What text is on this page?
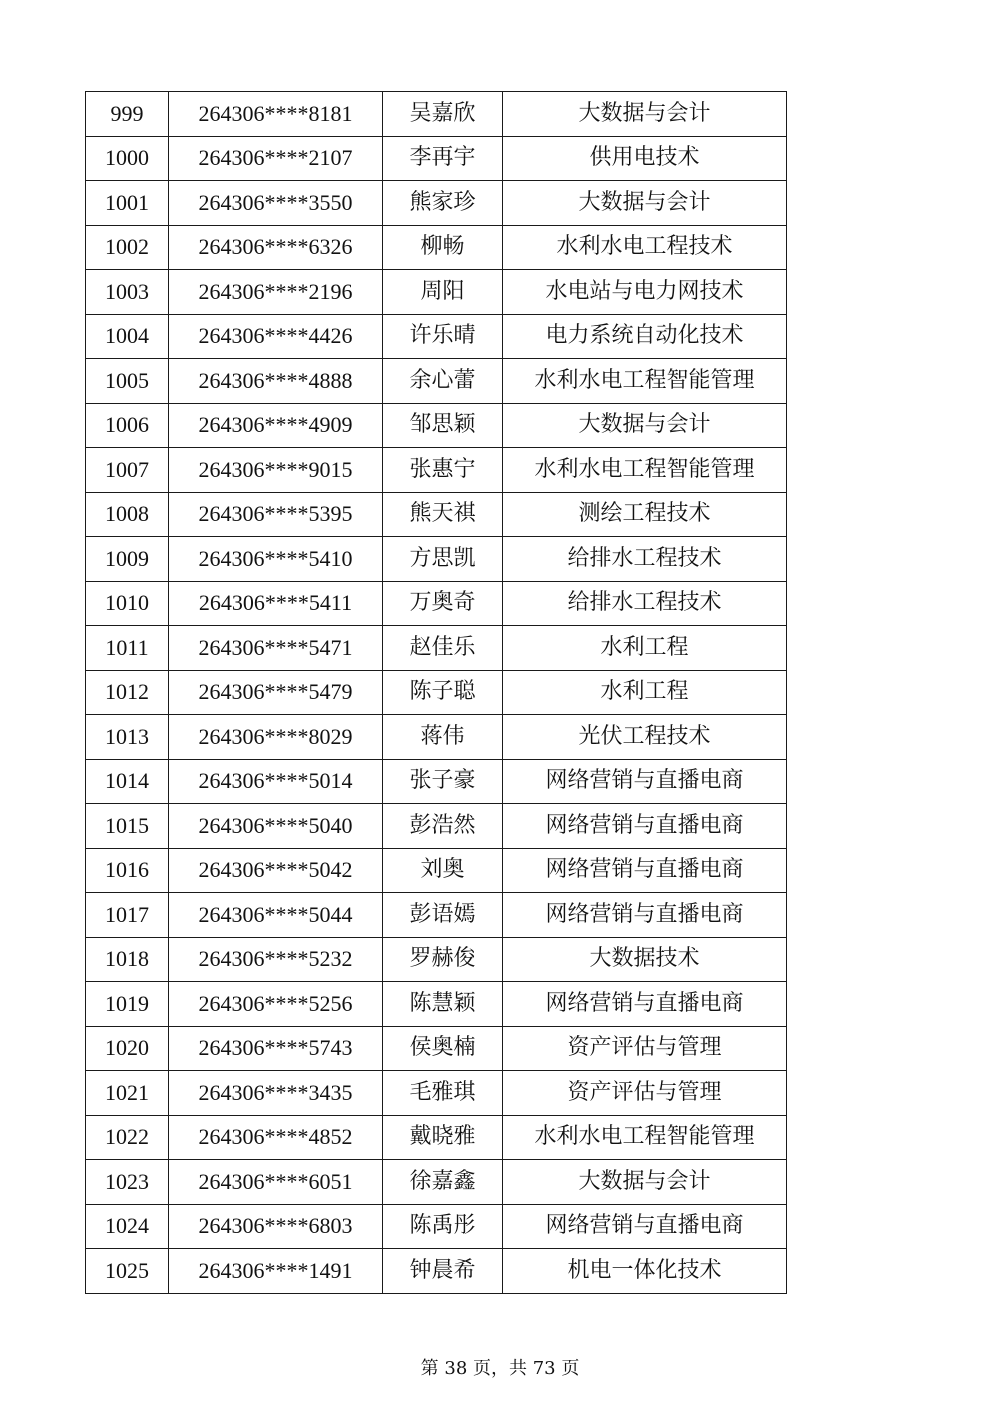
999	264306****8181	吴嘉欣	大数据与会计
1000	264306****2107	李再宇	供用电技术
1001	264306****3550	熊家珍	大数据与会计
1002	264306****6326	柳畅	水利水电工程技术
1003	264306****2196	周阳	水电站与电力网技术
1004	264306****4426	许乐晴	电力系统自动化技术
1005	264306****4888	余心蕾	水利水电工程智能管理
1006	264306****4909	邹思颖	大数据与会计
1007	264306****9015	张惠宁	水利水电工程智能管理
1008	264306****5395	熊天祺	测绘工程技术
1009	264306****5410	方思凯	给排水工程技术
1010	264306****5411	万奥奇	给排水工程技术
1011	264306****5471	赵佳乐	水利工程
1012	264306****5479	陈子聪	水利工程
1013	264306****8029	蒋伟	光伏工程技术
1014	264306****5014	张子豪	网络营销与直播电商
1015	264306****5040	彭浩然	网络营销与直播电商
1016	264306****5042	刘奥	网络营销与直播电商
1017	264306****5044	彭语嫣	网络营销与直播电商
1018	264306****5232	罗赫俊	大数据技术
1019	264306****5256	陈慧颖	网络营销与直播电商
1020	264306****5743	侯奥楠	资产评估与管理
1021	264306****3435	毛雅琪	资产评估与管理
1022	264306****4852	戴晓雅	水利水电工程智能管理
1023	264306****6051	徐嘉鑫	大数据与会计
1024	264306****6803	陈禹彤	网络营销与直播电商
1025	264306****1491	钟晨希	机电一体化技术
第 38 页，共 73 页
